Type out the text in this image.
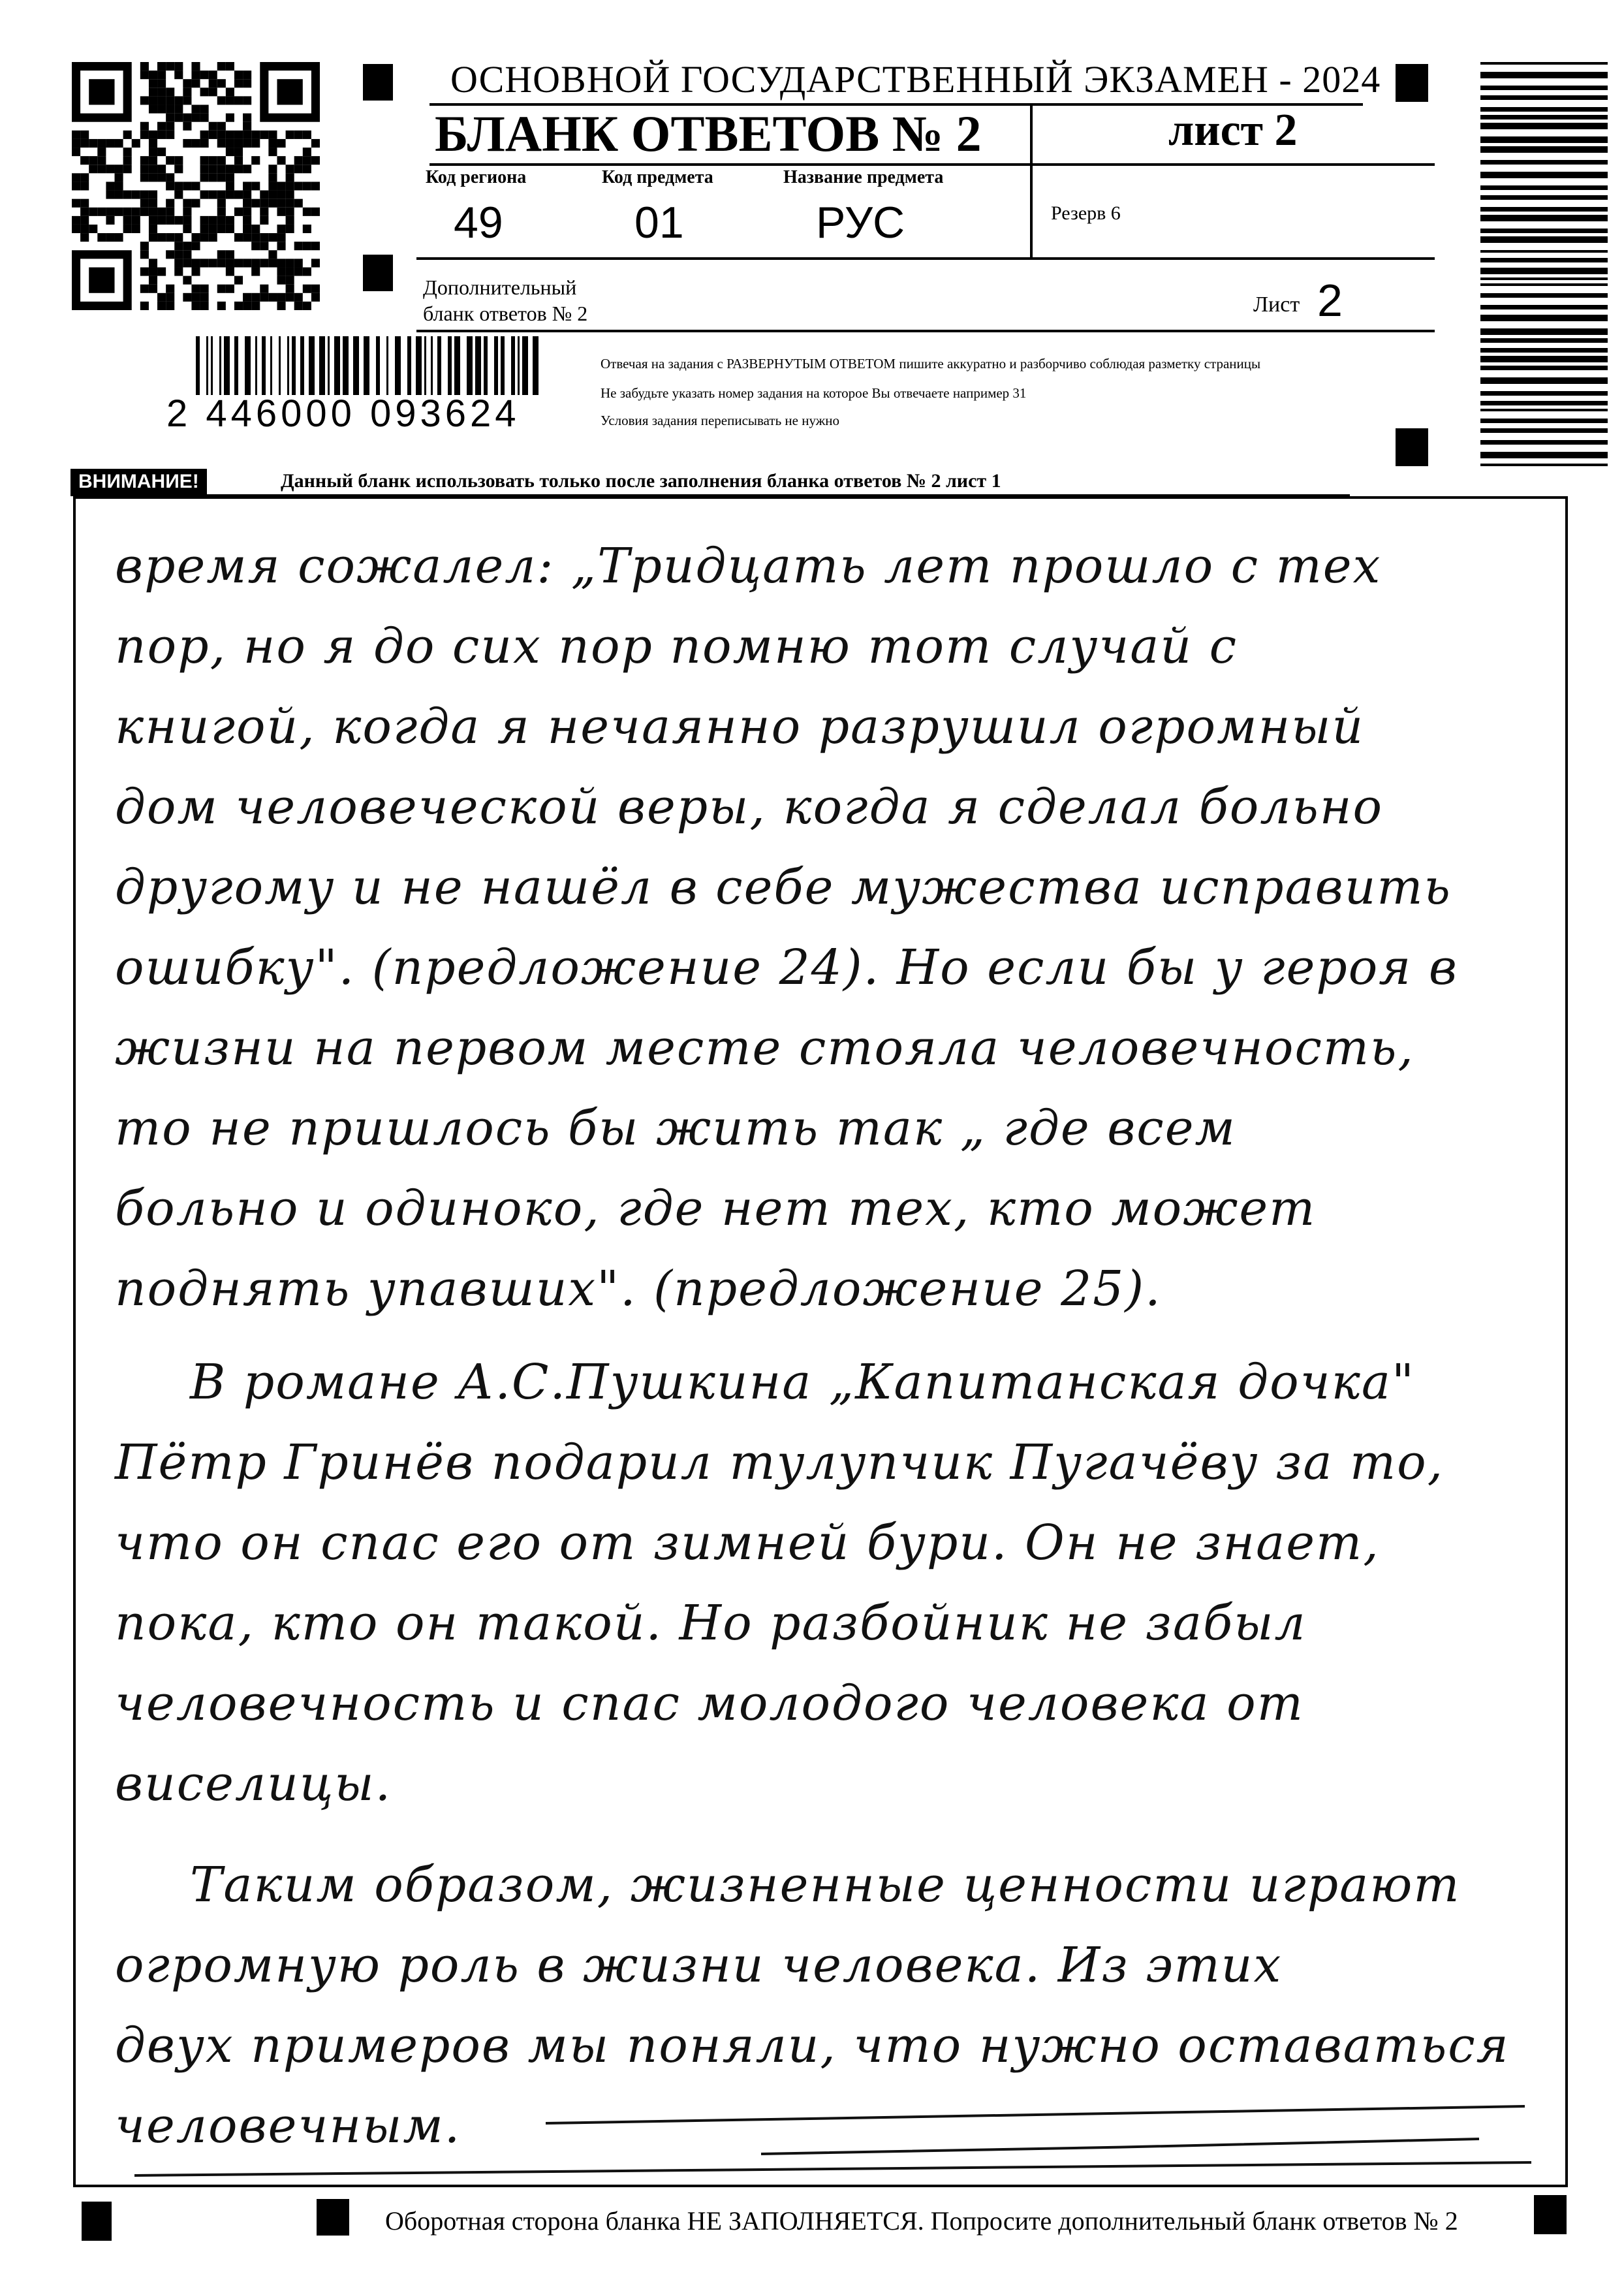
ОСНОВНОЙ ГОСУДАРСТВЕННЫЙ ЭКЗАМЕН - 2024
БЛАНК ОТВЕТОВ № 2	лист 2
Код региона
49
Код предмета
01
Название предмета
РУС	Резерв 6
Дополнительный
бланк ответов № 2	Лист 2
Отвечая на задания с РАЗВЕРНУТЫМ ОТВЕТОМ пишите аккуратно и разборчиво соблюдая разметку страницы
Не забудьте указать номер задания на которое Вы отвечаете например 31
Условия задания переписывать не нужно
2 446000 093624
ВНИМАНИЕ!	Данный бланк использовать только после заполнения бланка ответов № 2 лист 1
время сожалел: „Тридцать лет прошло с тех
пор, но я до сих пор помню тот случай с
книгой, когда я нечаянно разрушил огромный
дом человеческой веры, когда я сделал больно
другому и не нашёл в себе мужества исправить
ошибку". (предложение 24). Но если бы у героя в
жизни на первом месте стояла человечность,
то не пришлось бы жить так „ где всем
больно и одиноко, где нет тех, кто может
поднять упавших". (предложение 25).
В романе А.С.Пушкина „Капитанская дочка"
Пётр Гринёв подарил тулупчик Пугачёву за то,
что он спас его от зимней бури. Он не знает,
пока, кто он такой. Но разбойник не забыл
человечность и спас молодого человека от
виселицы.
Таким образом, жизненные ценности играют
огромную роль в жизни человека. Из этих
двух примеров мы поняли, что нужно оставаться
человечным.
Оборотная сторона бланка НЕ ЗАПОЛНЯЕТСЯ. Попросите дополнительный бланк ответов № 2
